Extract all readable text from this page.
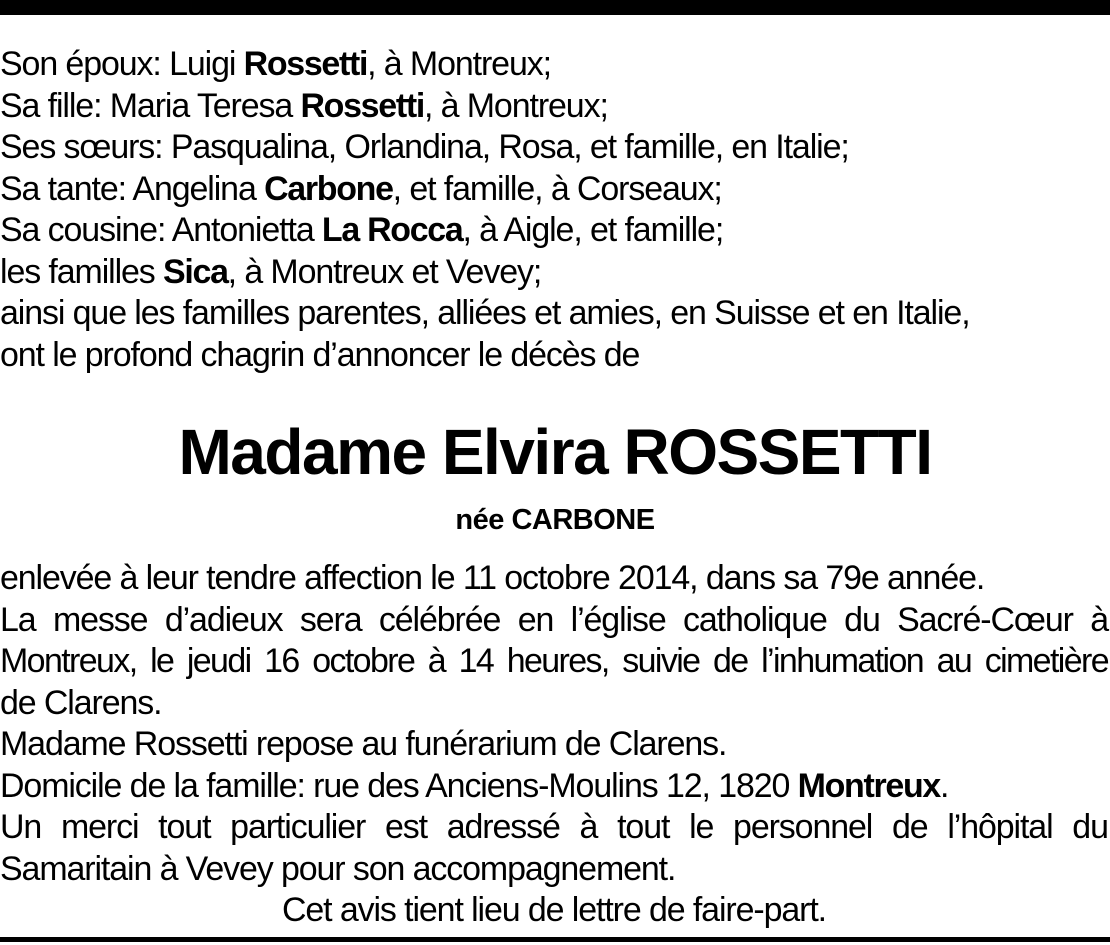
Son époux: Luigi Rossetti, à Montreux;
Sa fille: Maria Teresa Rossetti, à Montreux;
Ses sœurs: Pasqualina, Orlandina, Rosa, et famille, en Italie;
Sa tante: Angelina Carbone, et famille, à Corseaux;
Sa cousine: Antonietta La Rocca, à Aigle, et famille;
les familles Sica, à Montreux et Vevey;
ainsi que les familles parentes, alliées et amies, en Suisse et en Italie,
ont le profond chagrin d’annoncer le décès de
Madame Elvira ROSSETTI
née CARBONE
enlevée à leur tendre affection le 11 octobre 2014, dans sa 79e année.
La messe d’adieux sera célébrée en l’église catholique du Sacré-Cœur à
Montreux, le jeudi 16 octobre à 14 heures, suivie de l’inhumation au cimetière
de Clarens.
Madame Rossetti repose au funérarium de Clarens.
Domicile de la famille: rue des Anciens-Moulins 12, 1820 Montreux.
Un merci tout particulier est adressé à tout le personnel de l’hôpital du
Samaritain à Vevey pour son accompagnement.
Cet avis tient lieu de lettre de faire-part.
